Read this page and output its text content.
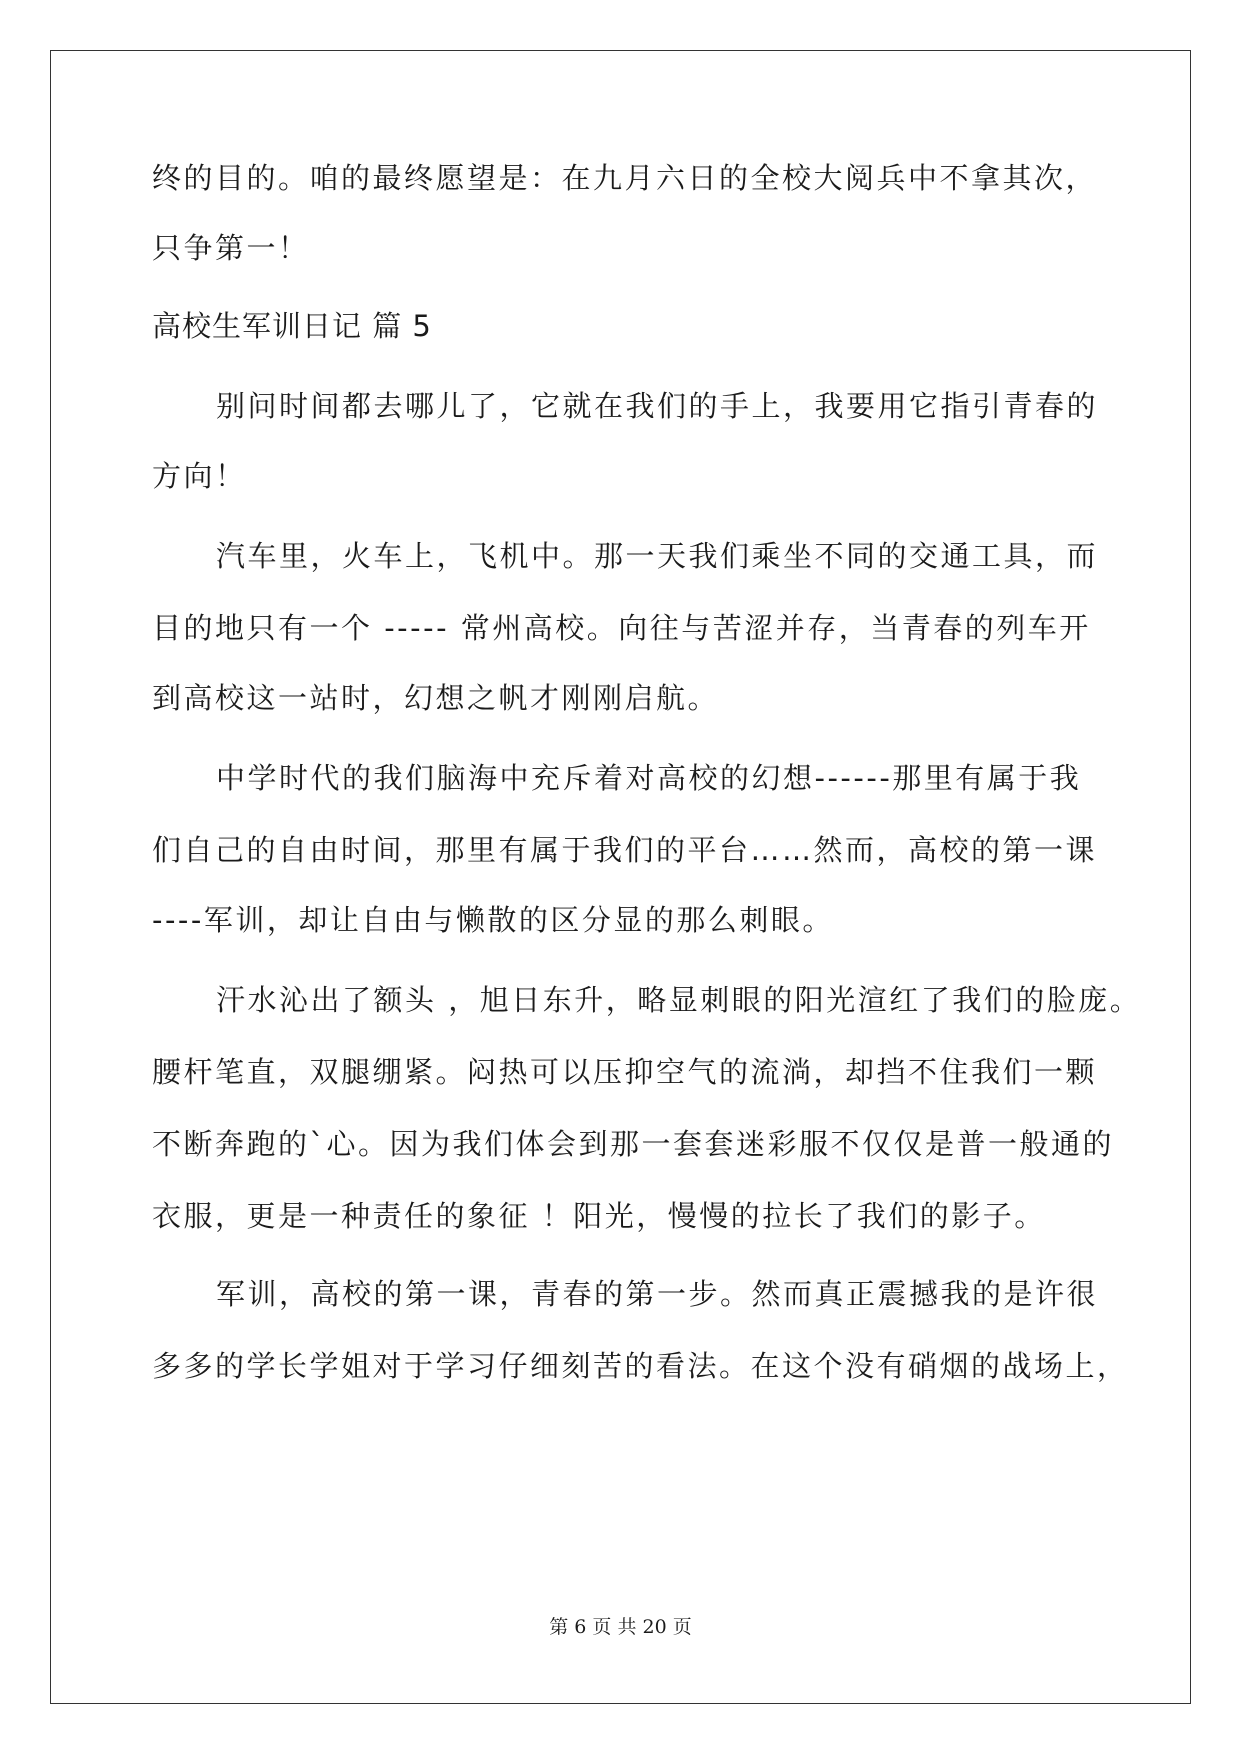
终的目的。咱的最终愿望是：在九月六日的全校大阅兵中不拿其次，
只争第一！
高校生军训日记 篇 5
别问时间都去哪儿了，它就在我们的手上，我要用它指引青春的
方向！
汽车里，火车上，飞机中。那一天我们乘坐不同的交通工具，而
目的地只有一个 ----- 常州高校。向往与苦涩并存，当青春的列车开
到高校这一站时，幻想之帆才刚刚启航。
中学时代的我们脑海中充斥着对高校的幻想------那里有属于我
们自己的自由时间，那里有属于我们的平台……然而，高校的第一课
----军训，却让自由与懒散的区分显的那么刺眼。
汗水沁出了额头 ，旭日东升，略显刺眼的阳光渲红了我们的脸庞。
腰杆笔直，双腿绷紧。闷热可以压抑空气的流淌，却挡不住我们一颗
不断奔跑的`心。因为我们体会到那一套套迷彩服不仅仅是普一般通的
衣服，更是一种责任的象征 ！阳光，慢慢的拉长了我们的影子。
军训，高校的第一课，青春的第一步。然而真正震撼我的是许很
多多的学长学姐对于学习仔细刻苦的看法。在这个没有硝烟的战场上，
第 6 页 共 20 页
